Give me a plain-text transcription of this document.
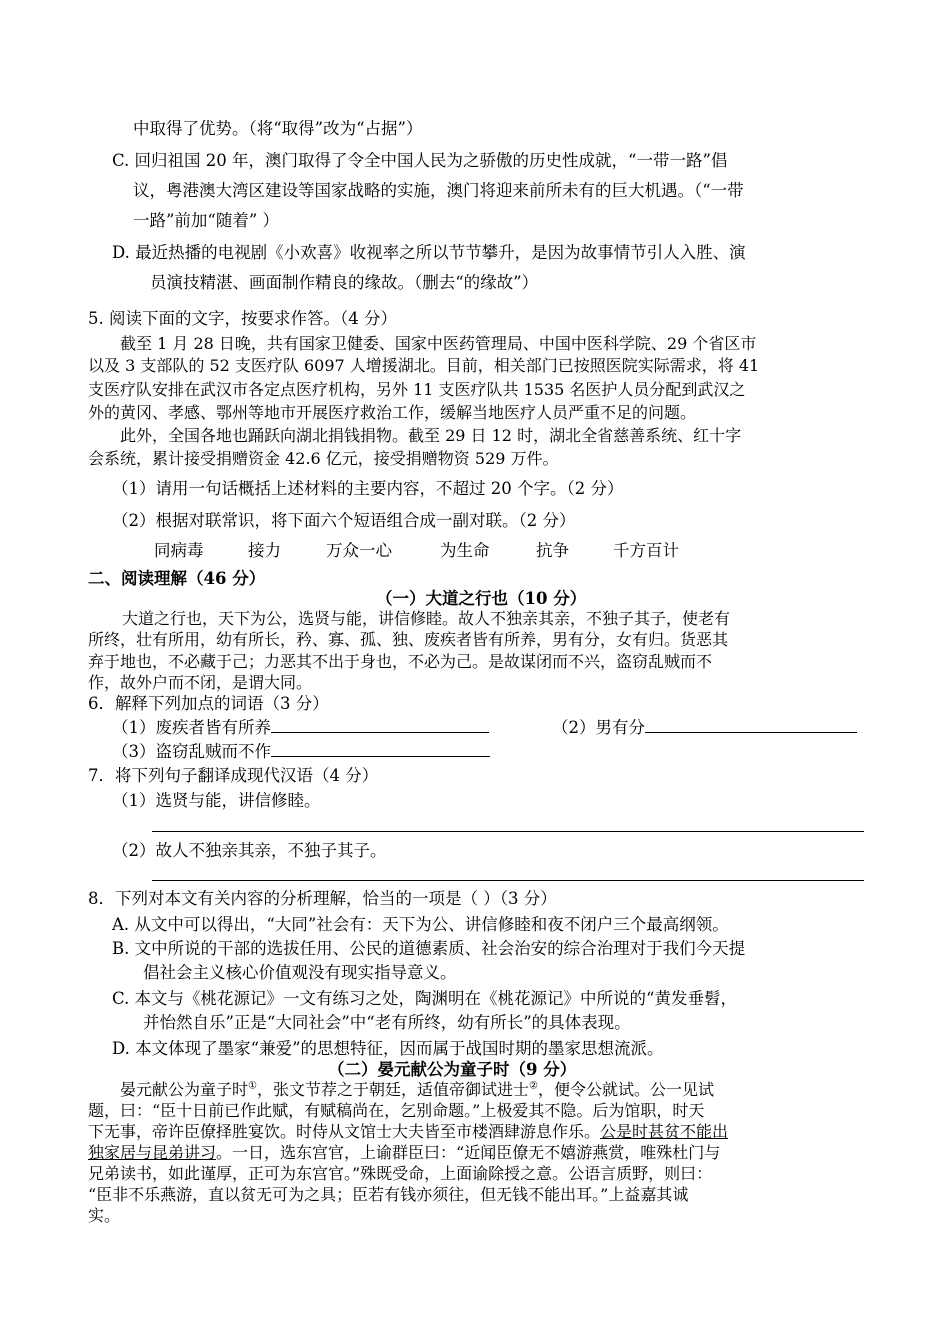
中取得了优势。（将“取得”改为“占据”）
C. 回归祖国 20 年，澳门取得了令全中国人民为之骄傲的历史性成就，“一带一路”倡
议，粤港澳大湾区建设等国家战略的实施，澳门将迎来前所未有的巨大机遇。（“一带
一路”前加“随着” ）
D. 最近热播的电视剧《小欢喜》收视率之所以节节攀升，是因为故事情节引人入胜、演
员演技精湛、画面制作精良的缘故。（删去“的缘故”）
5. 阅读下面的文字，按要求作答。（4 分）
截至 1 月 28 日晚，共有国家卫健委、国家中医药管理局、中国中医科学院、29 个省区市
以及 3 支部队的 52 支医疗队 6097 人增援湖北。目前，相关部门已按照医院实际需求，将 41
支医疗队安排在武汉市各定点医疗机构，另外 11 支医疗队共 1535 名医护人员分配到武汉之
外的黄冈、孝感、鄂州等地市开展医疗救治工作，缓解当地医疗人员严重不足的问题。
此外，全国各地也踊跃向湖北捐钱捐物。截至 29 日 12 时，湖北全省慈善系统、红十字
会系统，累计接受捐赠资金 42.6 亿元，接受捐赠物资 529 万件。
（1）请用一句话概括上述材料的主要内容，不超过 20 个字。（2 分）
（2）根据对联常识，将下面六个短语组合成一副对联。（2 分）
同病毒	接力	万众一心	为生命	抗争	千方百计
二、阅读理解（46 分）
（一）大道之行也（10 分）
大道之行也，天下为公，选贤与能，讲信修睦。故人不独亲其亲，不独子其子，使老有
所终，壮有所用，幼有所长，矜、寡、孤、独、废疾者皆有所养，男有分，女有归。货恶其
弃于地也，不必藏于己；力恶其不出于身也，不必为己。是故谋闭而不兴，盗窃乱贼而不
作，故外户而不闭，是谓大同。
6．解释下列加点的词语（3 分）
（1）废疾者皆有所养	（2）男有分
（3）盗窃乱贼而不作
7．将下列句子翻译成现代汉语（4 分）
（1）选贤与能，讲信修睦。
（2）故人不独亲其亲，不独子其子。
8．下列对本文有关内容的分析理解，恰当的一项是（ ）（3 分）
A. 从文中可以得出，“大同”社会有：天下为公、讲信修睦和夜不闭户三个最高纲领。
B. 文中所说的干部的选拔任用、公民的道德素质、社会治安的综合治理对于我们今天提
倡社会主义核心价值观没有现实指导意义。
C. 本文与《桃花源记》一文有练习之处，陶渊明在《桃花源记》中所说的“黄发垂髫，
并怡然自乐”正是“大同社会”中“老有所终，幼有所长”的具体表现。
D. 本文体现了墨家“兼爱”的思想特征，因而属于战国时期的墨家思想流派。
（二）晏元献公为童子时（9 分）
晏元献公为童子时①，张文节荐之于朝廷，适值帝御试进士②，便令公就试。公一见试
题，曰：“臣十日前已作此赋，有赋稿尚在，乞别命题。”上极爱其不隐。后为馆职，时天
下无事，帝许臣僚择胜宴饮。时侍从文馆士大夫皆至市楼酒肆游息作乐。公是时甚贫不能出
独家居与昆弟讲习。一日，选东宫官，上谕群臣曰：“近闻臣僚无不嬉游燕赏，唯殊杜门与
兄弟读书，如此谨厚，正可为东宫官。”殊既受命，上面谕除授之意。公语言质野，则曰：
“臣非不乐燕游，直以贫无可为之具；臣若有钱亦须往，但无钱不能出耳。”上益嘉其诚
实。
